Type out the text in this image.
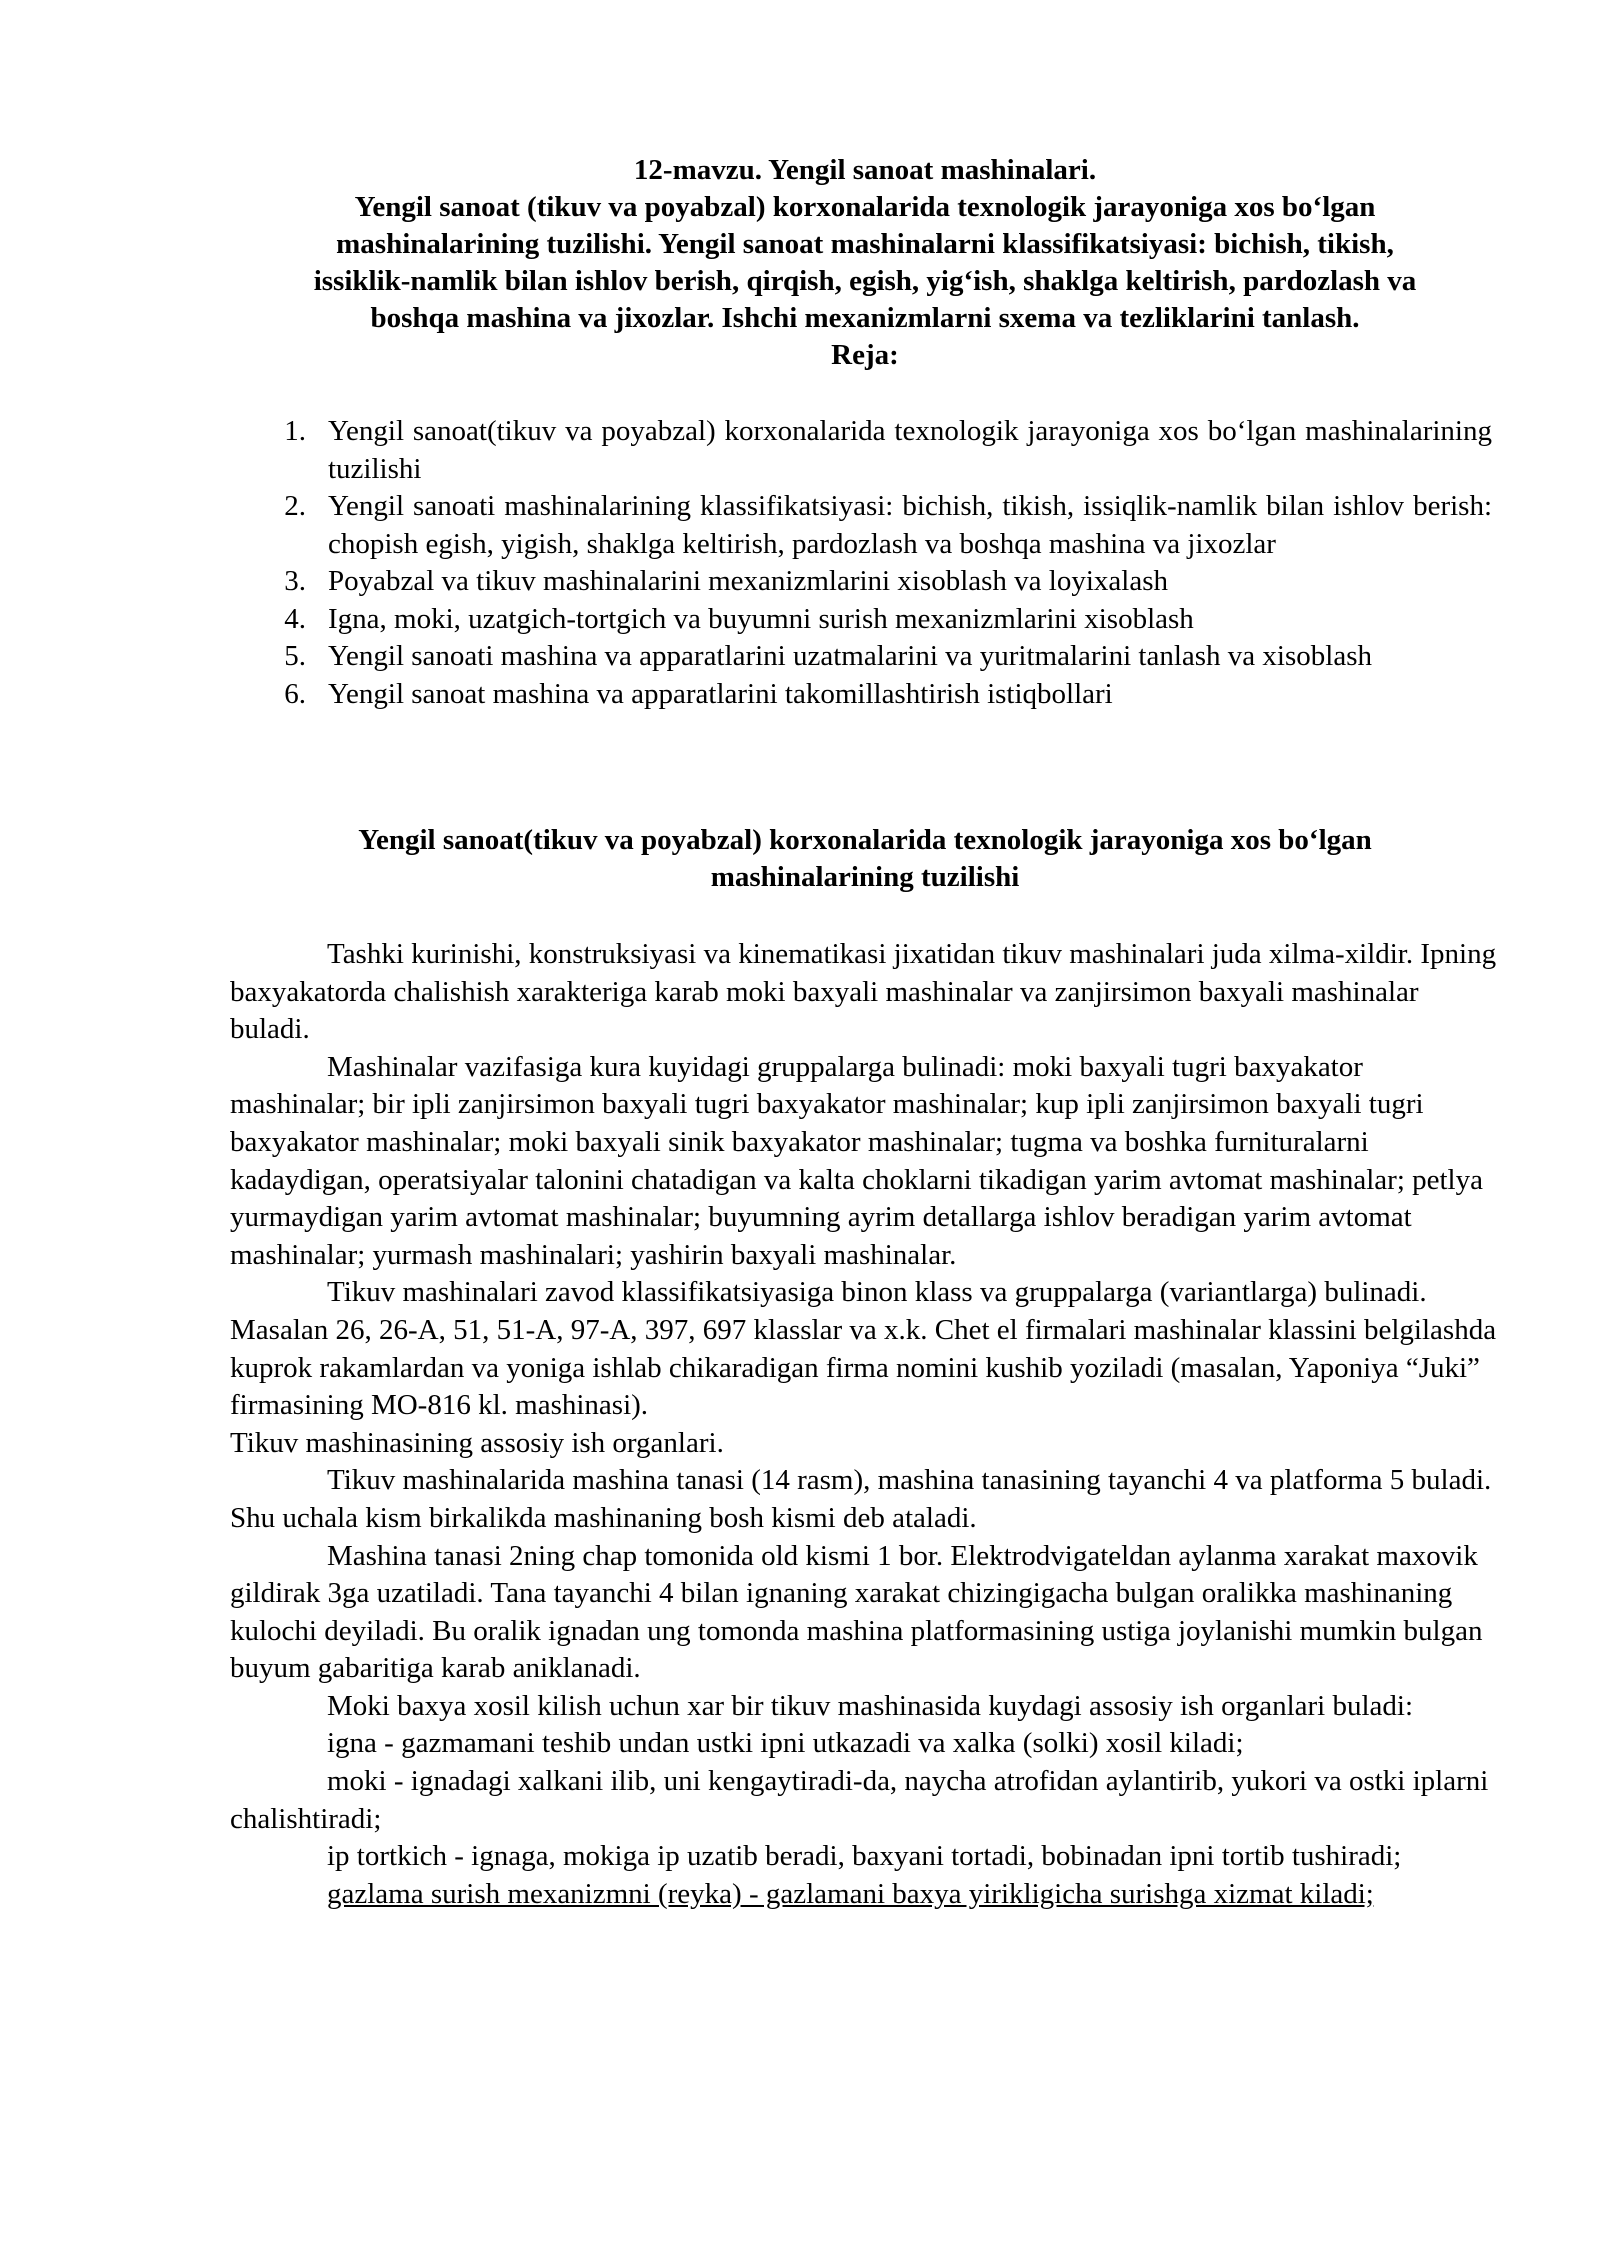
12-mavzu. Yengil sanoat mashinalari.
Yengil sanoat (tikuv va poyabzal) korxonalarida texnologik jarayoniga xos bo‘lgan
mashinalarining tuzilishi. Yengil sanoat mashinalarni klassifikatsiyasi: bichish, tikish,
issiklik-namlik bilan ishlov berish, qirqish, egish, yig‘ish, shaklga keltirish, pardozlash va
boshqa mashina va jixozlar. Ishchi mexanizmlarni sxema va tezliklarini tanlash.
Reja:
1. Yengil sanoat(tikuv va poyabzal) korxonalarida texnologik jarayoniga xos bo‘lgan mashinalarining tuzilishi
2. Yengil sanoati mashinalarining klassifikatsiyasi: bichish, tikish, issiqlik-namlik bilan ishlov berish: chopish egish, yigish, shaklga keltirish, pardozlash va boshqa mashina va jixozlar
3. Poyabzal va tikuv mashinalarini mexanizmlarini xisoblash va loyixalash
4. Igna, moki, uzatgich-tortgich va buyumni surish mexanizmlarini xisoblash
5. Yengil sanoati mashina va apparatlarini uzatmalarini va yuritmalarini tanlash va xisoblash
6. Yengil sanoat mashina va apparatlarini takomillashtirish istiqbollari
Yengil sanoat(tikuv va poyabzal) korxonalarida texnologik jarayoniga xos bo‘lgan
mashinalarining tuzilishi

Tashki kurinishi, konstruksiyasi va kinematikasi jixatidan tikuv mashinalari juda xilma-xildir. Ipning baxyakatorda chalishish xarakteriga karab moki baxyali mashinalar va zanjirsimon baxyali mashinalar buladi.

Mashinalar vazifasiga kura kuyidagi gruppalarga bulinadi: moki baxyali tugri baxyakator mashinalar; bir ipli zanjirsimon baxyali tugri baxyakator mashinalar; kup ipli zanjirsimon baxyali tugri baxyakator mashinalar; moki baxyali sinik baxyakator mashinalar; tugma va boshka furnituralarni kadaydigan, operatsiyalar talonini chatadigan va kalta choklarni tikadigan yarim avtomat mashinalar; petlya yurmaydigan yarim avtomat mashinalar; buyumning ayrim detallarga ishlov beradigan yarim avtomat mashinalar; yurmash mashinalari; yashirin baxyali mashinalar.

Tikuv mashinalari zavod klassifikatsiyasiga binon klass va gruppalarga (variantlarga) bulinadi. Masalan 26, 26-A, 51, 51-A, 97-A, 397, 697 klasslar va x.k. Chet el firmalari mashinalar klassini belgilashda kuprok rakamlardan va yoniga ishlab chikaradigan firma nomini kushib yoziladi (masalan, Yaponiya “Juki” firmasining MO-816 kl. mashinasi).

Tikuv mashinasining assosiy ish organlari.

Tikuv mashinalarida mashina tanasi (14 rasm), mashina tanasining tayanchi 4 va platforma 5 buladi. Shu uchala kism birkalikda mashinaning bosh kismi deb ataladi.

Mashina tanasi 2ning chap tomonida old kismi 1 bor. Elektrodvigateldan aylanma xarakat maxovik gildirak 3ga uzatiladi. Tana tayanchi 4 bilan ignaning xarakat chizingigacha bulgan oralikka mashinaning kulochi deyiladi. Bu oralik ignadan ung tomonda mashina platformasining ustiga joylanishi mumkin bulgan buyum gabaritiga karab aniklanadi.

Moki baxya xosil kilish uchun xar bir tikuv mashinasida kuydagi assosiy ish organlari buladi:

igna - gazmamani teshib undan ustki ipni utkazadi va xalka (solki) xosil kiladi;

moki - ignadagi xalkani ilib, uni kengaytiradi-da, naycha atrofidan aylantirib, yukori va ostki iplarni chalishtiradi;

ip tortkich - ignaga, mokiga ip uzatib beradi, baxyani tortadi, bobinadan ipni tortib tushiradi;

gazlama surish mexanizmni (reyka) - gazlamani baxya yirikligicha surishga xizmat kiladi;
